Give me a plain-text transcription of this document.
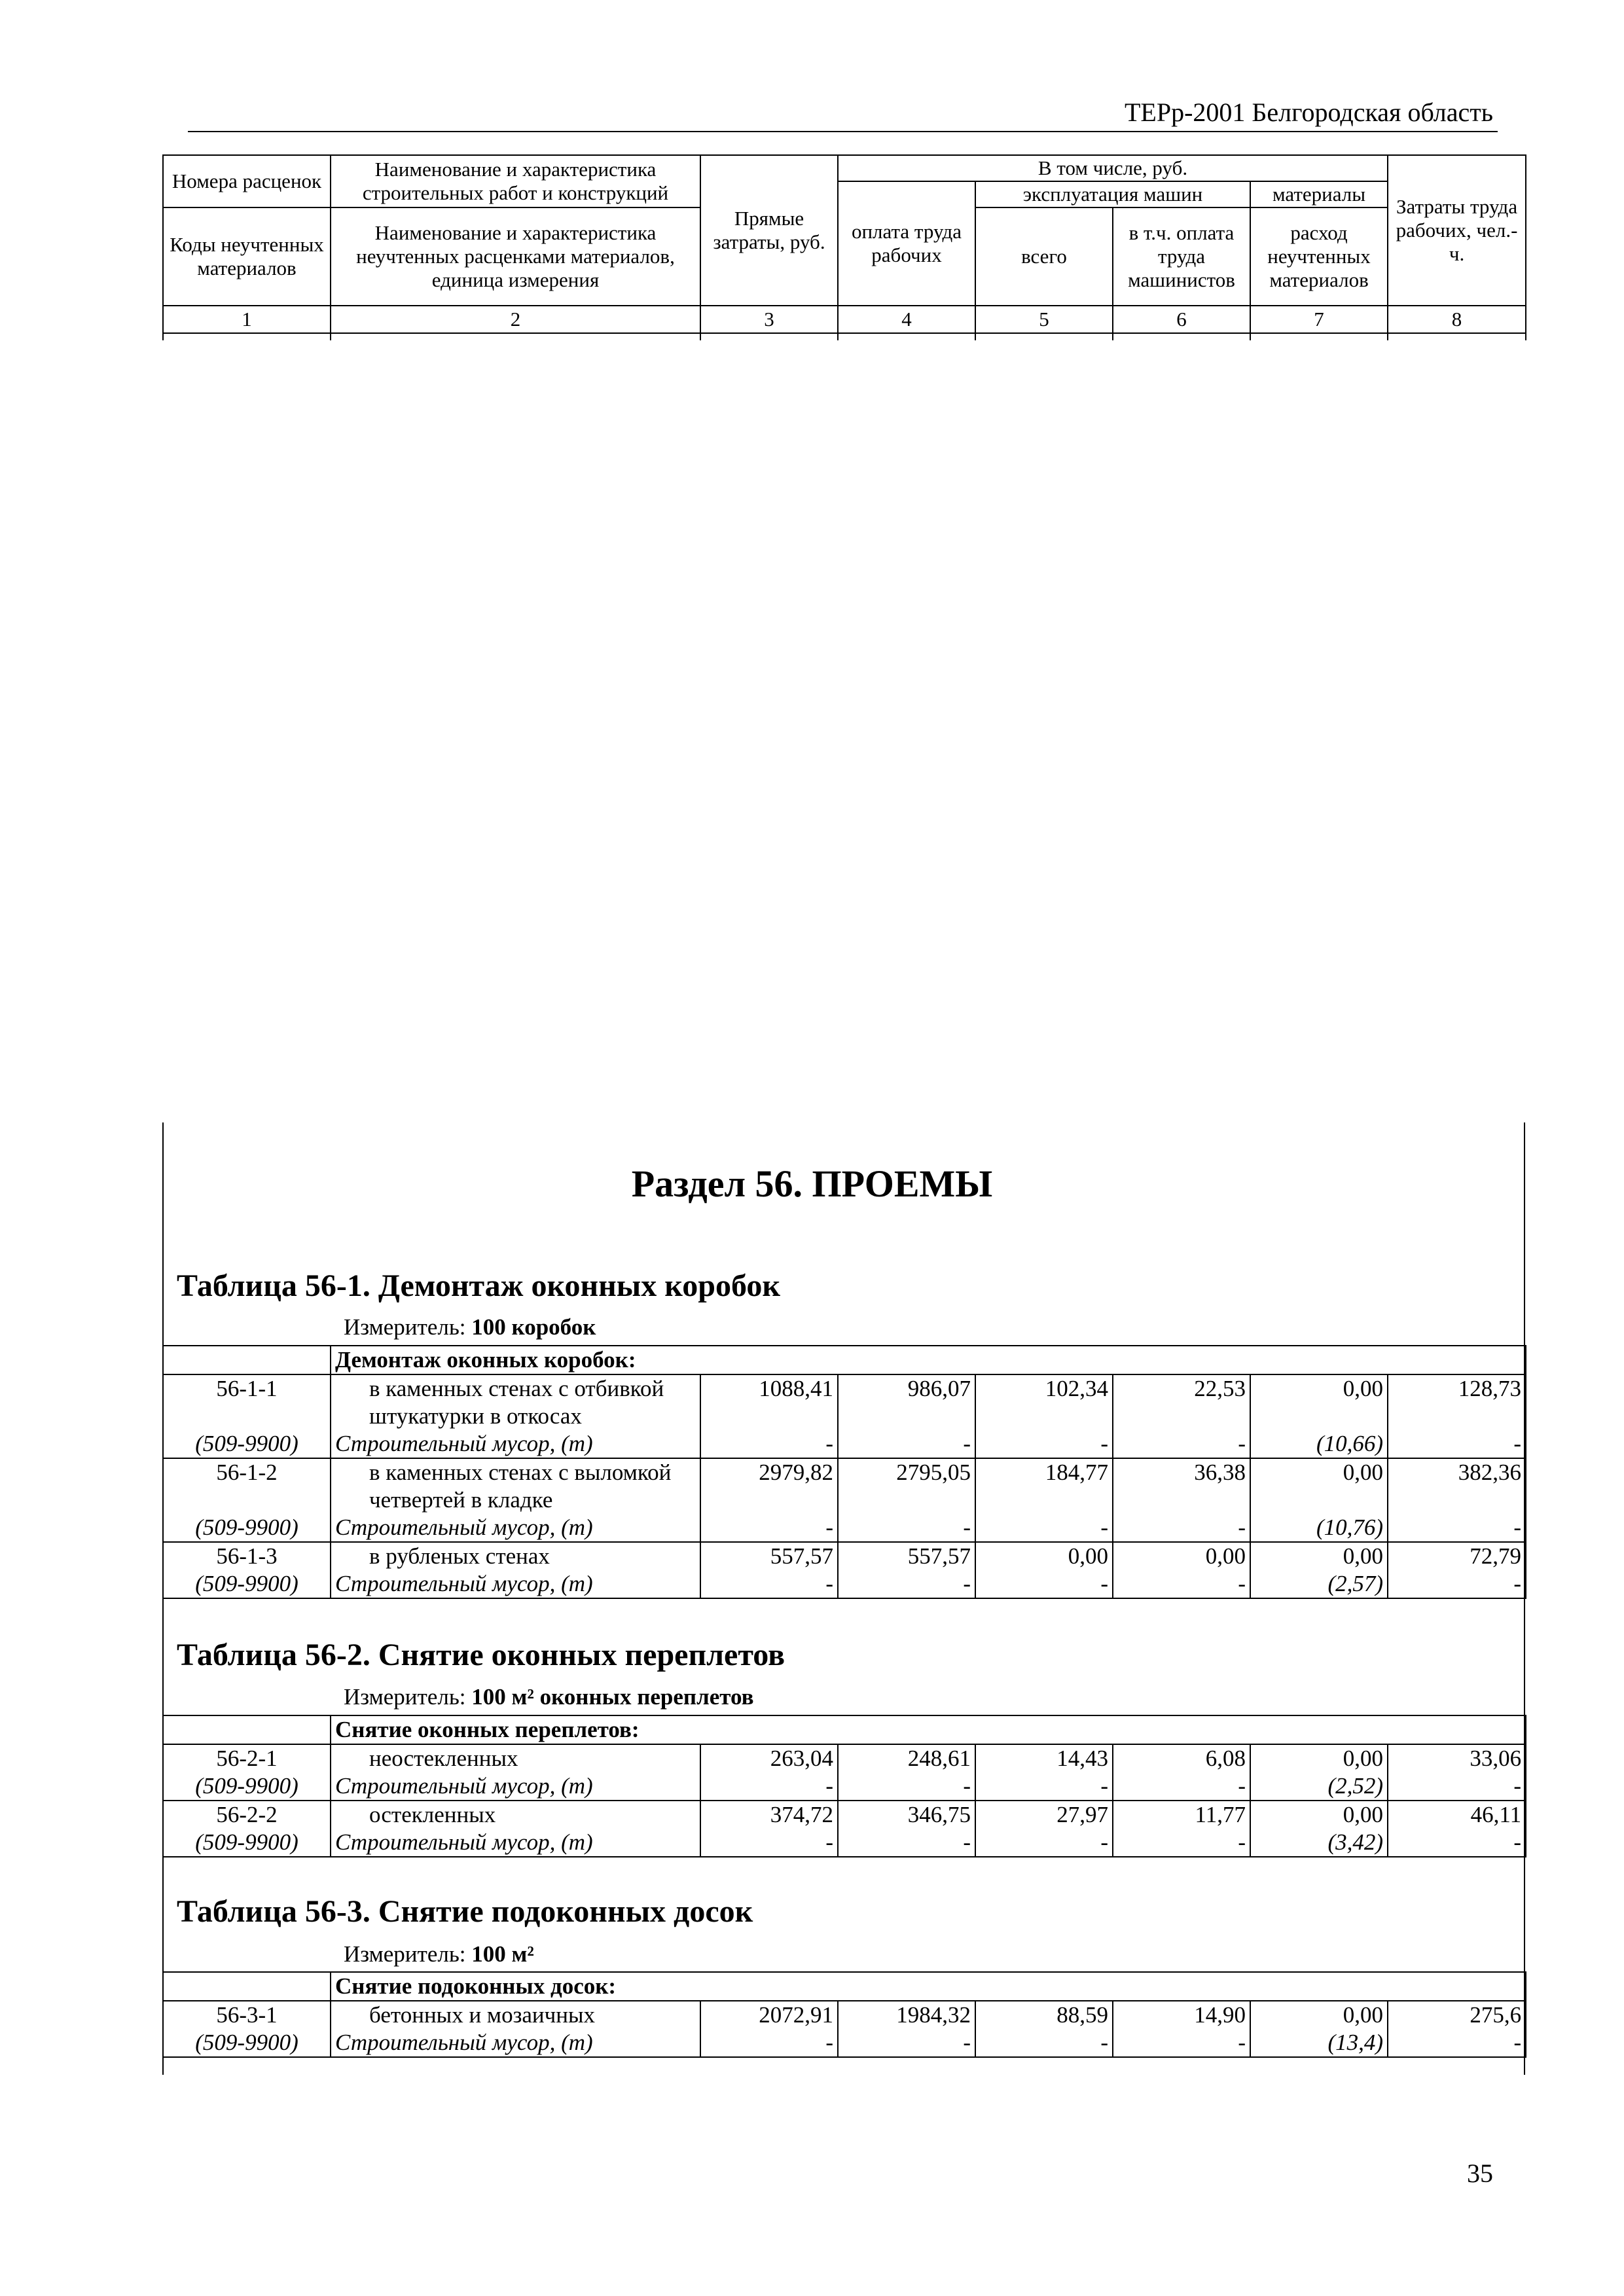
ТЕРр-2001 Белгородская область
Номера расценок	Наименование и характеристика строительных работ и конструкций	Прямые затраты, руб.	В том числе, руб.				Затраты труда рабочих, чел.-ч.
			оплата труда рабочих	эксплуатация машин		материалы	
Коды неучтенных материалов	Наименование и характеристика неучтенных расценками материалов, единица измерения			всего	в т.ч. оплата труда машинистов	расход неучтенных материалов	
1	2	3	4	5	6	7	8

Раздел 56. ПРОЕМЫ
Таблица 56-1. Демонтаж оконных коробок
Измеритель: 100 коробок
	Демонтаж оконных коробок:						
56-1-1	в каменных стенах с отбивкой штукатурки в откосах	1088,41	986,07	102,34	22,53	0,00	128,73
(509-9900)	Строительный мусор, (т)	-	-	-	-	(10,66)	-
56-1-2	в каменных стенах с выломкой четвертей в кладке	2979,82	2795,05	184,77	36,38	0,00	382,36
(509-9900)	Строительный мусор, (т)	-	-	-	-	(10,76)	-
56-1-3	в рубленых стенах	557,57	557,57	0,00	0,00	0,00	72,79
(509-9900)	Строительный мусор, (т)	-	-	-	-	(2,57)	-
Таблица 56-2. Снятие оконных переплетов
Измеритель: 100 м² оконных переплетов
	Снятие оконных переплетов:						
56-2-1	неостекленных	263,04	248,61	14,43	6,08	0,00	33,06
(509-9900)	Строительный мусор, (т)	-	-	-	-	(2,52)	-
56-2-2	остекленных	374,72	346,75	27,97	11,77	0,00	46,11
(509-9900)	Строительный мусор, (т)	-	-	-	-	(3,42)	-
Таблица 56-3. Снятие подоконных досок
Измеритель: 100 м²
	Снятие подоконных досок:						
56-3-1	бетонных и мозаичных	2072,91	1984,32	88,59	14,90	0,00	275,6
(509-9900)	Строительный мусор, (т)	-	-	-	-	(13,4)	-
35
